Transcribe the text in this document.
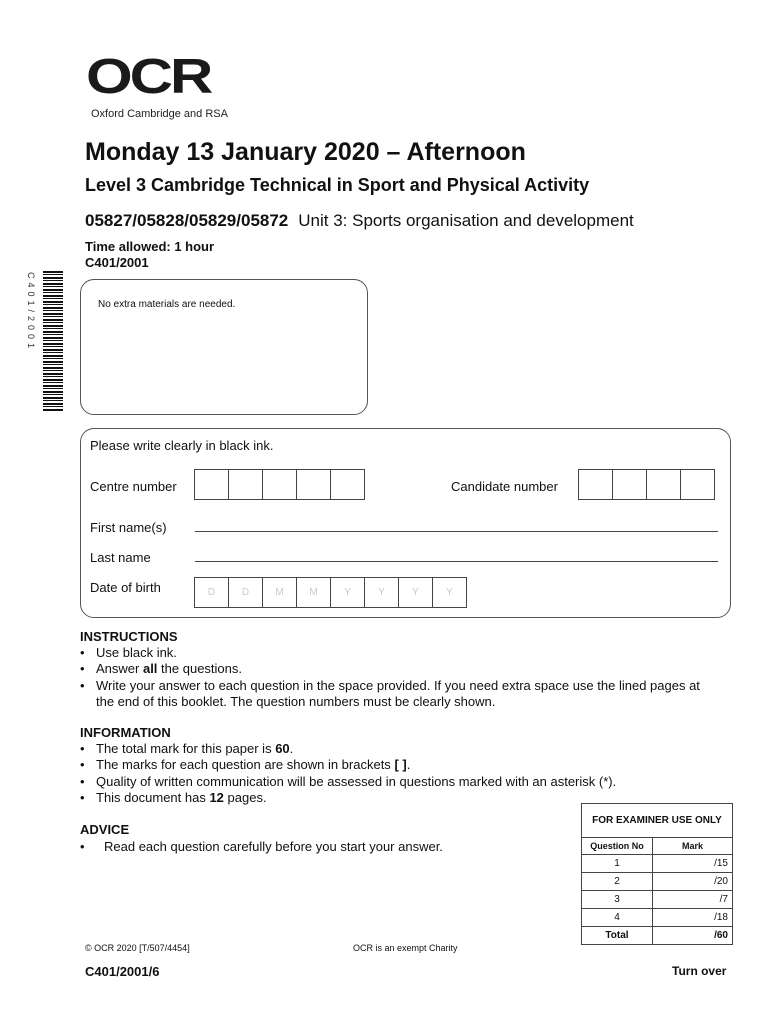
OCR
Oxford Cambridge and RSA
Monday 13 January 2020 – Afternoon
Level 3 Cambridge Technical in Sport and Physical Activity
05827/05828/05829/05872 Unit 3: Sports organisation and development
Time allowed: 1 hour
C401/2001
C401/2001	No extra materials are needed.
Please write clearly in black ink.
Centre number	Candidate number
First name(s)
Last name
Date of birth	D	D	M	M	Y	Y	Y	Y
INSTRUCTIONS
• Use black ink.
• Answer all the questions.
• Write your answer to each question in the space provided. If you need extra space use the lined pages at the end of this booklet. The question numbers must be clearly shown.
INFORMATION
• The total mark for this paper is 60.
• The marks for each question are shown in brackets [ ].
• Quality of written communication will be assessed in questions marked with an asterisk (*).
• This document has 12 pages.
ADVICE
• Read each question carefully before you start your answer.
FOR EXAMINER USE ONLY	
Question No	Mark
1	/15
2	/20
3	/7
4	/18
Total	/60
© OCR 2020 [T/507/4454]	OCR is an exempt Charity
C401/2001/6	Turn over
